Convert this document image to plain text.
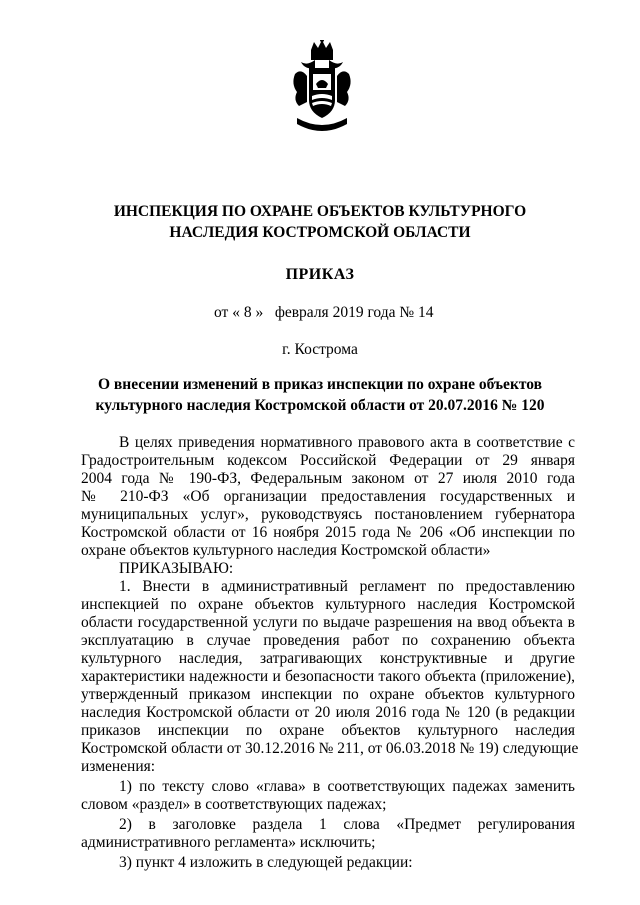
ИНСПЕКЦИЯ ПО ОХРАНЕ ОБЪЕКТОВ КУЛЬТУРНОГО
НАСЛЕДИЯ КОСТРОМСКОЙ ОБЛАСТИ
ПРИКАЗ
от « 8 »   февраля 2019 года № 14
г. Кострома
О внесении изменений в приказ инспекции по охране объектов
культурного наследия Костромской области от 20.07.2016 № 120
В целях приведения нормативного правового акта в соответствие с
Градостроительным кодексом Российской Федерации от 29 января
2004 года № 190-ФЗ, Федеральным законом от 27 июля 2010 года
№ 210-ФЗ «Об организации предоставления государственных и
муниципальных услуг», руководствуясь постановлением губернатора
Костромской области от 16 ноября 2015 года № 206 «Об инспекции по
охране объектов культурного наследия Костромской области»
ПРИКАЗЫВАЮ:
1. Внести в административный регламент по предоставлению
инспекцией по охране объектов культурного наследия Костромской
области государственной услуги по выдаче разрешения на ввод объекта в
эксплуатацию в случае проведения работ по сохранению объекта
культурного наследия, затрагивающих конструктивные и другие
характеристики надежности и безопасности такого объекта (приложение),
утвержденный приказом инспекции по охране объектов культурного
наследия Костромской области от 20 июля 2016 года № 120 (в редакции
приказов инспекции по охране объектов культурного наследия
Костромской области от 30.12.2016 № 211, от 06.03.2018 № 19) следующие
изменения:
1) по тексту слово «глава» в соответствующих падежах заменить
словом «раздел» в соответствующих падежах;
2) в заголовке раздела 1 слова «Предмет регулирования
административного регламента» исключить;
3) пункт 4 изложить в следующей редакции:
